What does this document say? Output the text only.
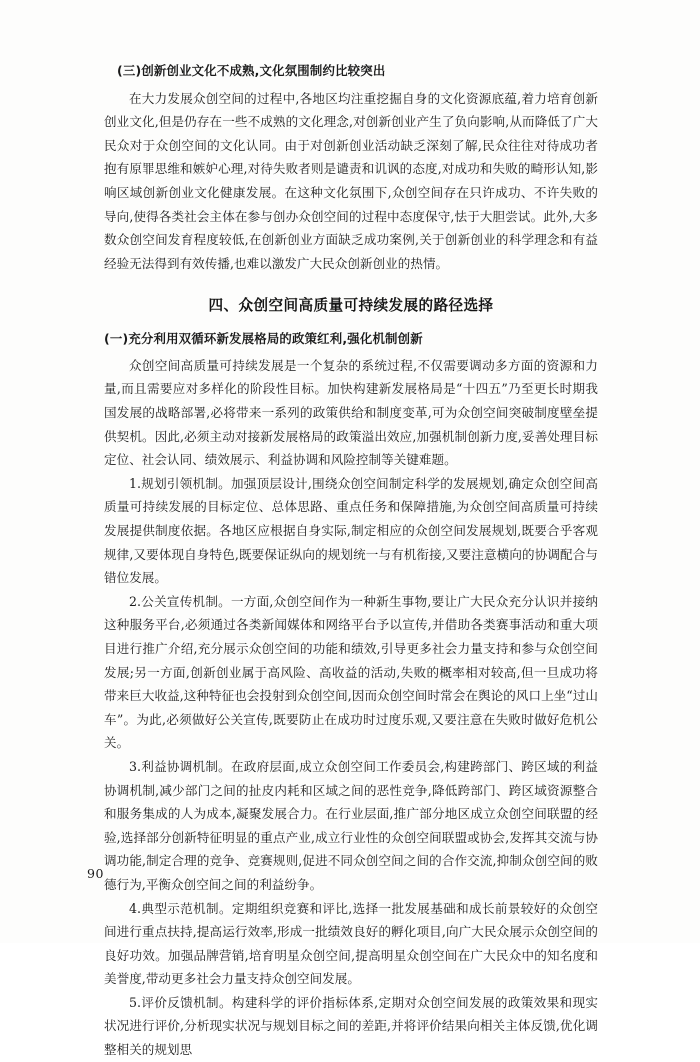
(三)创新创业文化不成熟,文化氛围制约比较突出

在大力发展众创空间的过程中,各地区均注重挖掘自身的文化资源底蕴,着力培育创新创业文化,但是仍存在一些不成熟的文化理念,对创新创业产生了负向影响,从而降低了广大民众对于众创空间的文化认同。由于对创新创业活动缺乏深刻了解,民众往往对待成功者抱有原罪思维和嫉妒心理,对待失败者则是谴责和讥讽的态度,对成功和失败的畸形认知,影响区域创新创业文化健康发展。在这种文化氛围下,众创空间存在只许成功、不许失败的导向,使得各类社会主体在参与创办众创空间的过程中态度保守,怯于大胆尝试。此外,大多数众创空间发育程度较低,在创新创业方面缺乏成功案例,关于创新创业的科学理念和有益经验无法得到有效传播,也难以激发广大民众创新创业的热情。

四、众创空间高质量可持续发展的路径选择
(一)充分利用双循环新发展格局的政策红利,强化机制创新

众创空间高质量可持续发展是一个复杂的系统过程,不仅需要调动多方面的资源和力量,而且需要应对多样化的阶段性目标。加快构建新发展格局是“十四五”乃至更长时期我国发展的战略部署,必将带来一系列的政策供给和制度变革,可为众创空间突破制度壁垒提供契机。因此,必须主动对接新发展格局的政策溢出效应,加强机制创新力度,妥善处理目标定位、社会认同、绩效展示、利益协调和风险控制等关键难题。

1.规划引领机制。加强顶层设计,围绕众创空间制定科学的发展规划,确定众创空间高质量可持续发展的目标定位、总体思路、重点任务和保障措施,为众创空间高质量可持续发展提供制度依据。各地区应根据自身实际,制定相应的众创空间发展规划,既要合乎客观规律,又要体现自身特色,既要保证纵向的规划统一与有机衔接,又要注意横向的协调配合与错位发展。

2.公关宣传机制。一方面,众创空间作为一种新生事物,要让广大民众充分认识并接纳这种服务平台,必须通过各类新闻媒体和网络平台予以宣传,并借助各类赛事活动和重大项目进行推广介绍,充分展示众创空间的功能和绩效,引导更多社会力量支持和参与众创空间发展;另一方面,创新创业属于高风险、高收益的活动,失败的概率相对较高,但一旦成功将带来巨大收益,这种特征也会投射到众创空间,因而众创空间时常会在舆论的风口上坐“过山车”。为此,必须做好公关宣传,既要防止在成功时过度乐观,又要注意在失败时做好危机公关。

3.利益协调机制。在政府层面,成立众创空间工作委员会,构建跨部门、跨区域的利益协调机制,减少部门之间的扯皮内耗和区域之间的恶性竞争,降低跨部门、跨区域资源整合和服务集成的人为成本,凝聚发展合力。在行业层面,推广部分地区成立众创空间联盟的经验,选择部分创新特征明显的重点产业,成立行业性的众创空间联盟或协会,发挥其交流与协调功能,制定合理的竞争、竞赛规则,促进不同众创空间之间的合作交流,抑制众创空间的败德行为,平衡众创空间之间的利益纷争。

4.典型示范机制。定期组织竞赛和评比,选择一批发展基础和成长前景较好的众创空间进行重点扶持,提高运行效率,形成一批绩效良好的孵化项目,向广大民众展示众创空间的良好功效。加强品牌营销,培育明星众创空间,提高明星众创空间在广大民众中的知名度和美誉度,带动更多社会力量支持众创空间发展。

5.评价反馈机制。构建科学的评价指标体系,定期对众创空间发展的政策效果和现实状况进行评价,分析现实状况与规划目标之间的差距,并将评价结果向相关主体反馈,优化调整相关的规划思

90
